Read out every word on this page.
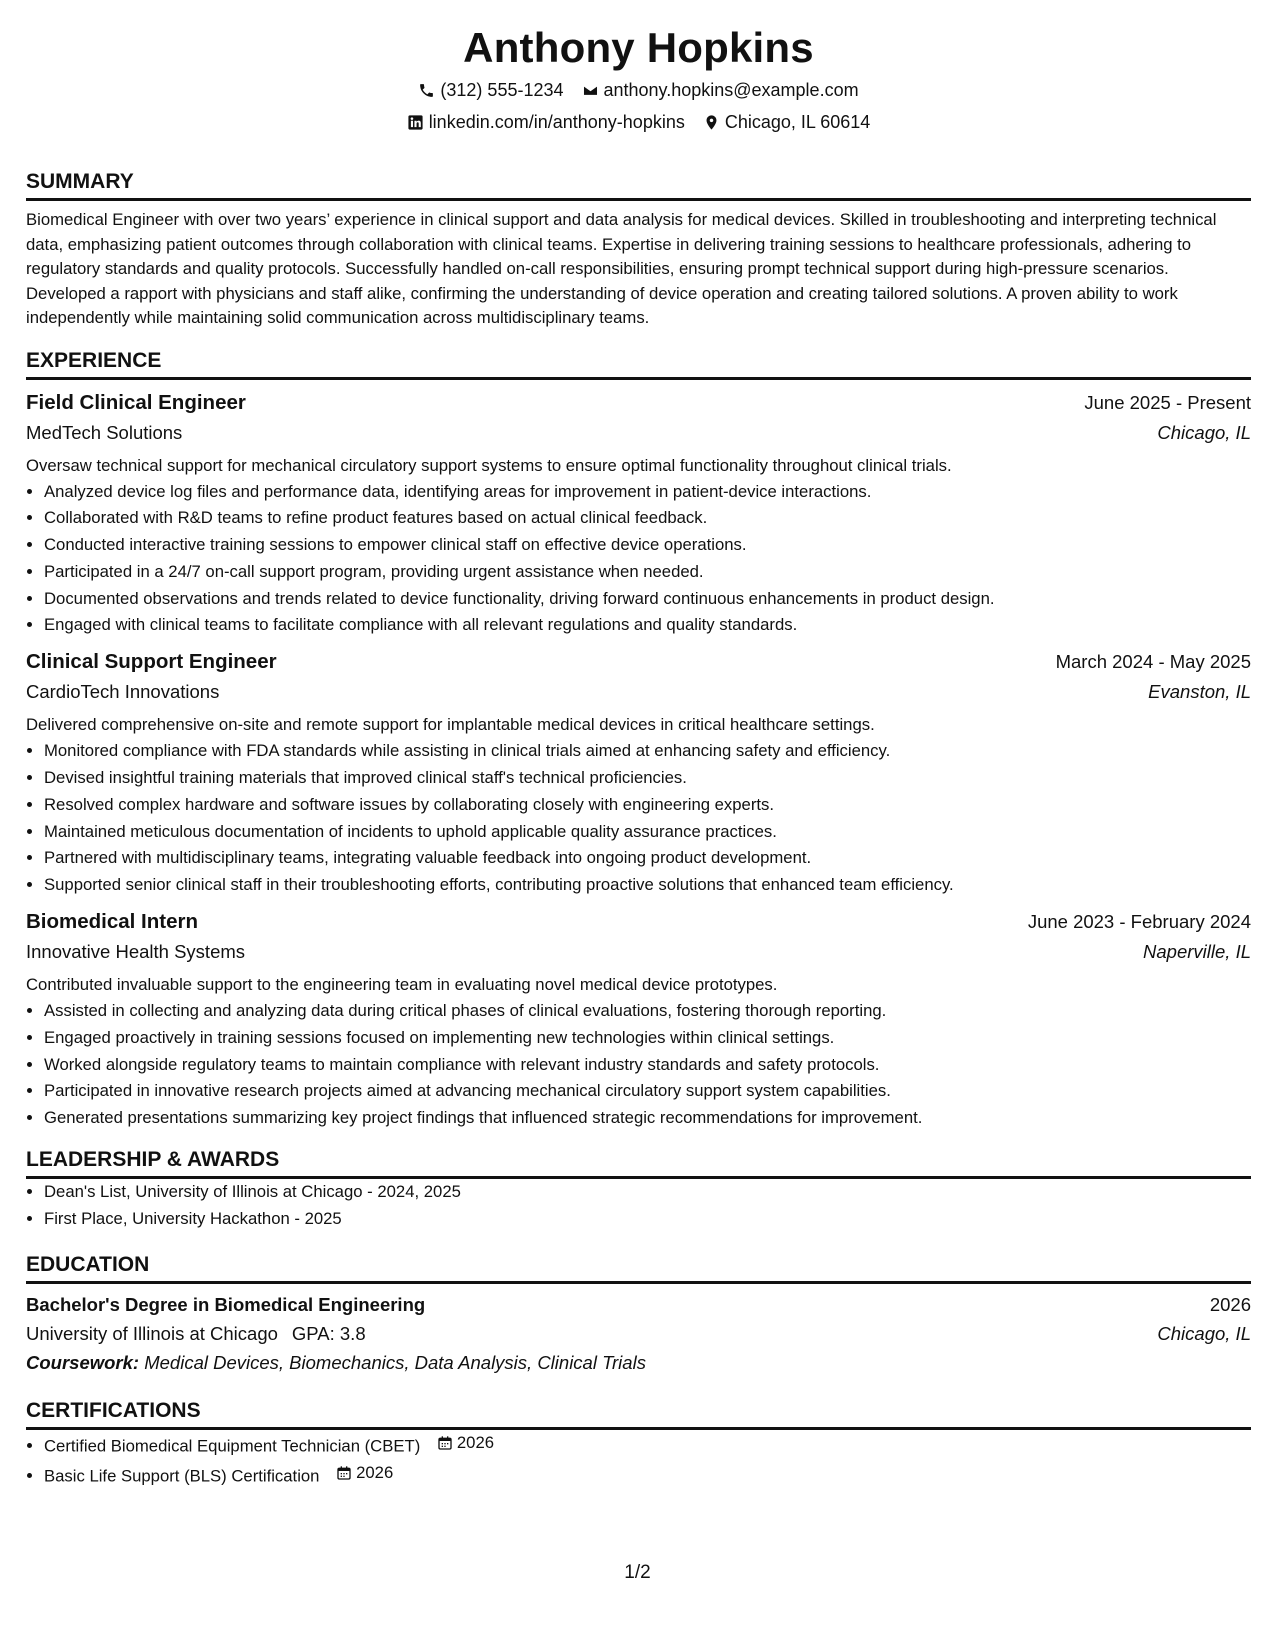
Anthony Hopkins
(312) 555-1234 anthony.hopkins@example.com
linkedin.com/in/anthony-hopkins Chicago, IL 60614
SUMMARY
Biomedical Engineer with over two years’ experience in clinical support and data analysis for medical devices. Skilled in troubleshooting and interpreting technical data, emphasizing patient outcomes through collaboration with clinical teams. Expertise in delivering training sessions to healthcare professionals, adhering to regulatory standards and quality protocols. Successfully handled on-call responsibilities, ensuring prompt technical support during high-pressure scenarios. Developed a rapport with physicians and staff alike, confirming the understanding of device operation and creating tailored solutions. A proven ability to work independently while maintaining solid communication across multidisciplinary teams.
EXPERIENCE
Field Clinical Engineer	June 2025 - Present
MedTech Solutions	Chicago, IL
Oversaw technical support for mechanical circulatory support systems to ensure optimal functionality throughout clinical trials.
• Analyzed device log files and performance data, identifying areas for improvement in patient-device interactions.
• Collaborated with R&D teams to refine product features based on actual clinical feedback.
• Conducted interactive training sessions to empower clinical staff on effective device operations.
• Participated in a 24/7 on-call support program, providing urgent assistance when needed.
• Documented observations and trends related to device functionality, driving forward continuous enhancements in product design.
• Engaged with clinical teams to facilitate compliance with all relevant regulations and quality standards.
Clinical Support Engineer	March 2024 - May 2025
CardioTech Innovations	Evanston, IL
Delivered comprehensive on-site and remote support for implantable medical devices in critical healthcare settings.
• Monitored compliance with FDA standards while assisting in clinical trials aimed at enhancing safety and efficiency.
• Devised insightful training materials that improved clinical staff's technical proficiencies.
• Resolved complex hardware and software issues by collaborating closely with engineering experts.
• Maintained meticulous documentation of incidents to uphold applicable quality assurance practices.
• Partnered with multidisciplinary teams, integrating valuable feedback into ongoing product development.
• Supported senior clinical staff in their troubleshooting efforts, contributing proactive solutions that enhanced team efficiency.
Biomedical Intern	June 2023 - February 2024
Innovative Health Systems	Naperville, IL
Contributed invaluable support to the engineering team in evaluating novel medical device prototypes.
• Assisted in collecting and analyzing data during critical phases of clinical evaluations, fostering thorough reporting.
• Engaged proactively in training sessions focused on implementing new technologies within clinical settings.
• Worked alongside regulatory teams to maintain compliance with relevant industry standards and safety protocols.
• Participated in innovative research projects aimed at advancing mechanical circulatory support system capabilities.
• Generated presentations summarizing key project findings that influenced strategic recommendations for improvement.
LEADERSHIP & AWARDS
• Dean's List, University of Illinois at Chicago - 2024, 2025
• First Place, University Hackathon - 2025
EDUCATION
Bachelor's Degree in Biomedical Engineering	2026
University of Illinois at Chicago GPA: 3.8	Chicago, IL
Coursework: Medical Devices, Biomechanics, Data Analysis, Clinical Trials
CERTIFICATIONS
• Certified Biomedical Equipment Technician (CBET) 2026
• Basic Life Support (BLS) Certification 2026
1/2
